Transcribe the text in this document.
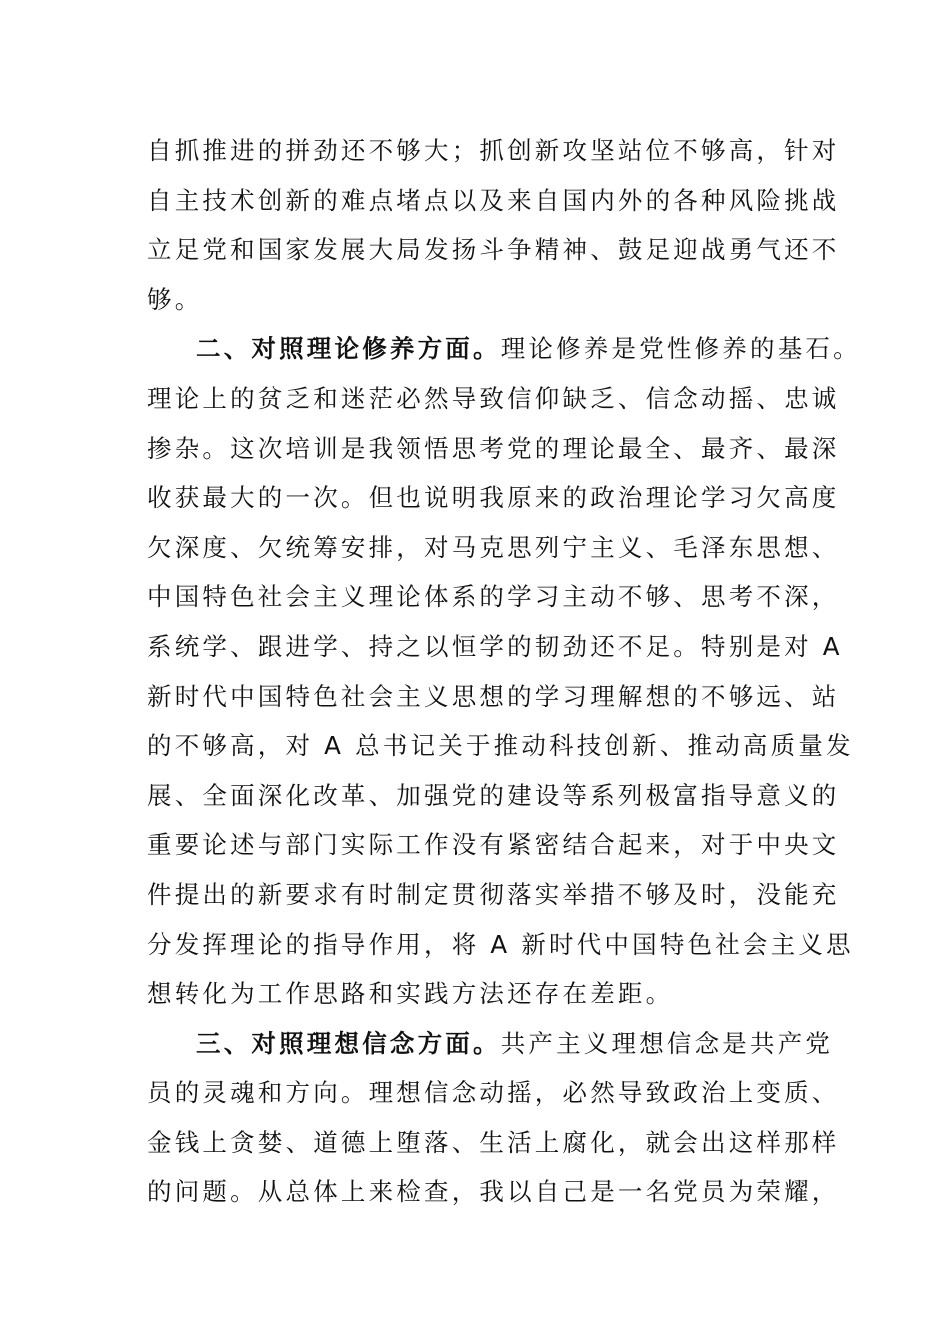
自抓推进的拼劲还不够大；抓创新攻坚站位不够高，针对
自主技术创新的难点堵点以及来自国内外的各种风险挑战
立足党和国家发展大局发扬斗争精神、鼓足迎战勇气还不
够。
二、对照理论修养方面。理论修养是党性修养的基石。
理论上的贫乏和迷茫必然导致信仰缺乏、信念动摇、忠诚
掺杂。这次培训是我领悟思考党的理论最全、最齐、最深
收获最大的一次。但也说明我原来的政治理论学习欠高度
欠深度、欠统筹安排，对马克思列宁主义、毛泽东思想、
中国特色社会主义理论体系的学习主动不够、思考不深，
系统学、跟进学、持之以恒学的韧劲还不足。特别是对 A
新时代中国特色社会主义思想的学习理解想的不够远、站
的不够高，对 A 总书记关于推动科技创新、推动高质量发
展、全面深化改革、加强党的建设等系列极富指导意义的
重要论述与部门实际工作没有紧密结合起来，对于中央文
件提出的新要求有时制定贯彻落实举措不够及时，没能充
分发挥理论的指导作用，将 A 新时代中国特色社会主义思
想转化为工作思路和实践方法还存在差距。
三、对照理想信念方面。共产主义理想信念是共产党
员的灵魂和方向。理想信念动摇，必然导致政治上变质、
金钱上贪婪、道德上堕落、生活上腐化，就会出这样那样
的问题。从总体上来检查，我以自己是一名党员为荣耀，
